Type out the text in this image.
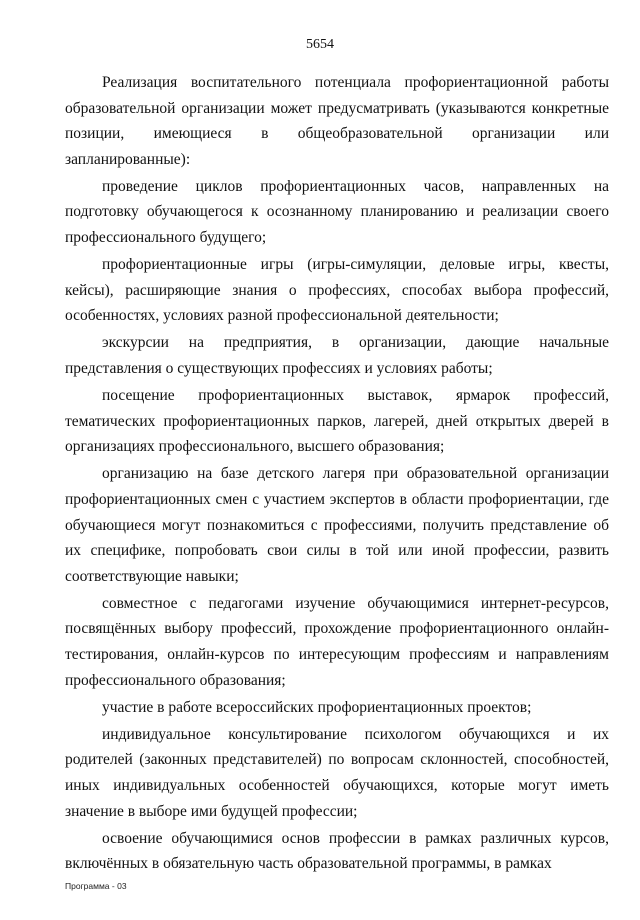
5654

Реализация воспитательного потенциала профориентационной работы образовательной организации может предусматривать (указываются конкретные позиции, имеющиеся в общеобразовательной организации или запланированные):

проведение циклов профориентационных часов, направленных на подготовку обучающегося к осознанному планированию и реализации своего профессионального будущего;

профориентационные игры (игры-симуляции, деловые игры, квесты, кейсы), расширяющие знания о профессиях, способах выбора профессий, особенностях, условиях разной профессиональной деятельности;

экскурсии на предприятия, в организации, дающие начальные представления о существующих профессиях и условиях работы;

посещение профориентационных выставок, ярмарок профессий, тематических профориентационных парков, лагерей, дней открытых дверей в организациях профессионального, высшего образования;

организацию на базе детского лагеря при образовательной организации профориентационных смен с участием экспертов в области профориентации, где обучающиеся могут познакомиться с профессиями, получить представление об их специфике, попробовать свои силы в той или иной профессии, развить соответствующие навыки;

совместное с педагогами изучение обучающимися интернет-ресурсов, посвящённых выбору профессий, прохождение профориентационного онлайн-тестирования, онлайн-курсов по интересующим профессиям и направлениям профессионального образования;

участие в работе всероссийских профориентационных проектов;

индивидуальное консультирование психологом обучающихся и их родителей (законных представителей) по вопросам склонностей, способностей, иных индивидуальных особенностей обучающихся, которые могут иметь значение в выборе ими будущей профессии;

освоение обучающимися основ профессии в рамках различных курсов, включённых в обязательную часть образовательной программы, в рамках

Программа - 03
